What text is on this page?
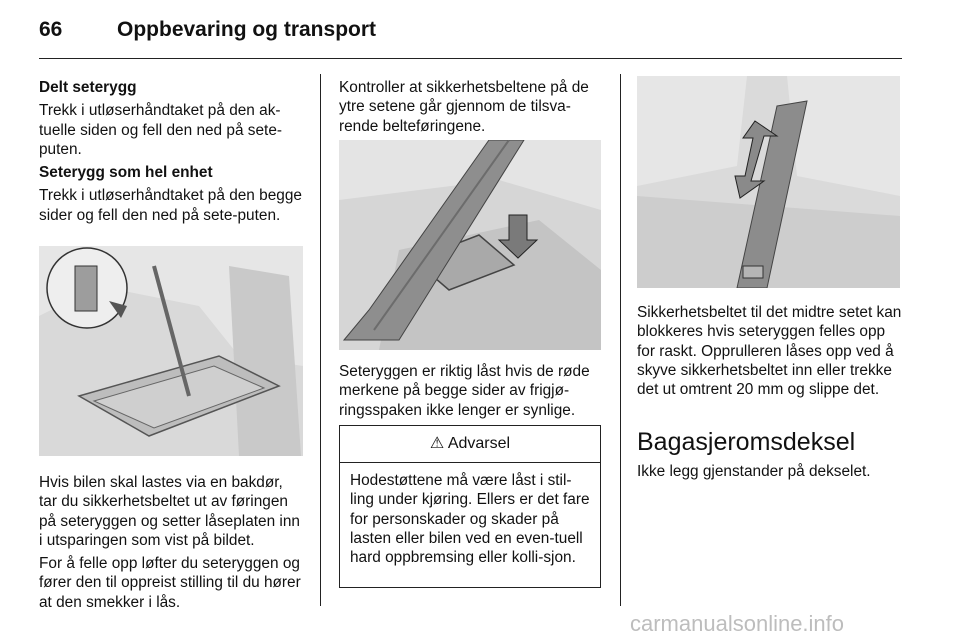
66	Oppbevaring og transport

Delt seterygg

Trekk i utløserhåndtaket på den ak-tuelle siden og fell den ned på sete-puten.

Seterygg som hel enhet

Trekk i utløserhåndtaket på den begge sider og fell den ned på sete-puten.

Hvis bilen skal lastes via en bakdør, tar du sikkerhetsbeltet ut av føringen på seteryggen og setter låseplaten inn i utsparingen som vist på bildet.

For å felle opp løfter du seteryggen og fører den til oppreist stilling til du hører at den smekker i lås.

Kontroller at sikkerhetsbeltene på de ytre setene går gjennom de tilsva-rende belteføringene.

Seteryggen er riktig låst hvis de røde merkene på begge sider av frigjø-ringsspaken ikke lenger er synlige.

⚠ Advarsel
Hodestøttene må være låst i stil-ling under kjøring. Ellers er det fare for personskader og skader på lasten eller bilen ved en even-tuell hard oppbremsing eller kolli-sjon.

Sikkerhetsbeltet til det midtre setet kan blokkeres hvis seteryggen felles opp for raskt. Opprulleren låses opp ved å skyve sikkerhetsbeltet inn eller trekke det ut omtrent 20 mm og slippe det.

Bagasjeromsdeksel

Ikke legg gjenstander på dekselet.

carmanualsonline.info
